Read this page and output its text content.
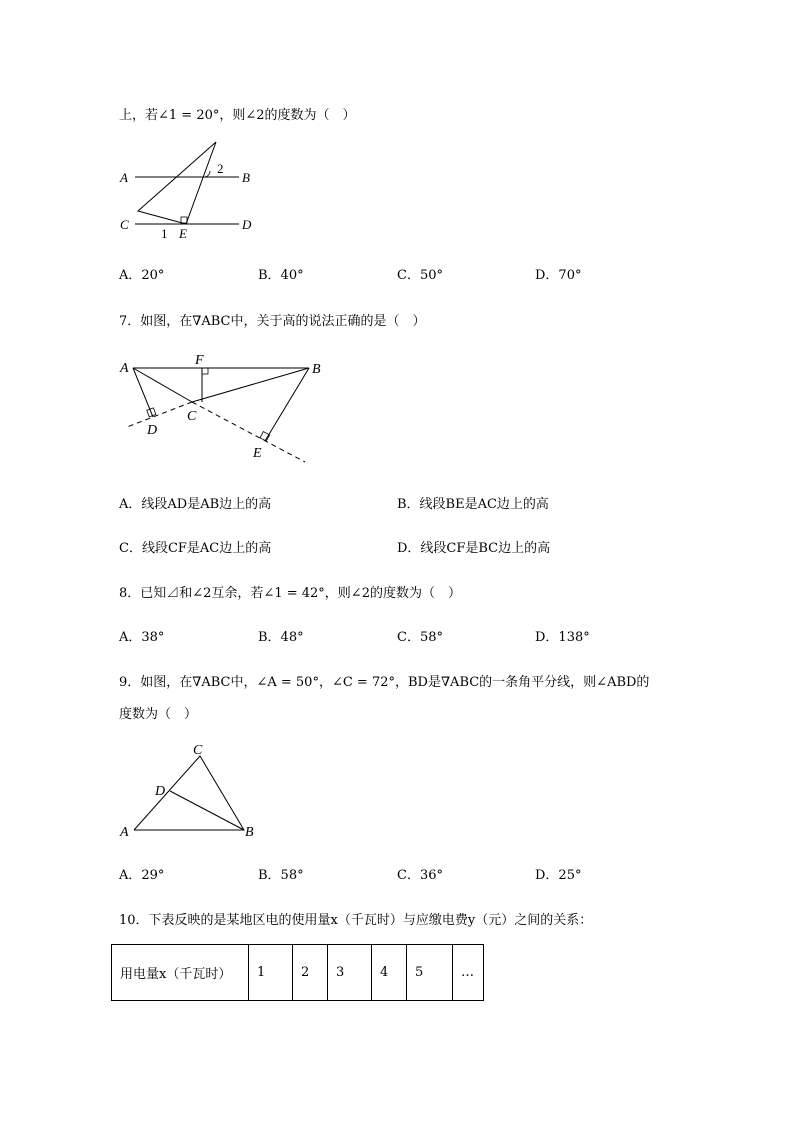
上，若∠1 = 20°，则∠2的度数为（　）
2
A	B
C	D
1 E
A．20°	B．40°	C．50°	D．70°
7．如图，在∇ABC中，关于高的说法正确的是（　）
A
F
B
C
D
E
A．线段AD是AB边上的高	B．线段BE是AC边上的高
C．线段CF是AC边上的高	D．线段CF是BC边上的高
8．已知⊿和∠2互余，若∠1 = 42°，则∠2的度数为（　）
A．38°	B．48°	C．58°	D．138°
9．如图，在∇ABC中，∠A = 50°，∠C = 72°，BD是∇ABC的一条角平分线，则∠ABD的
度数为（　）
C
D
A	B
A．29°	B．58°	C．36°	D．25°
10．下表反映的是某地区电的使用量x（千瓦时）与应缴电费y（元）之间的关系：
用电量x（千瓦时）	1	2	3	4	5	…
